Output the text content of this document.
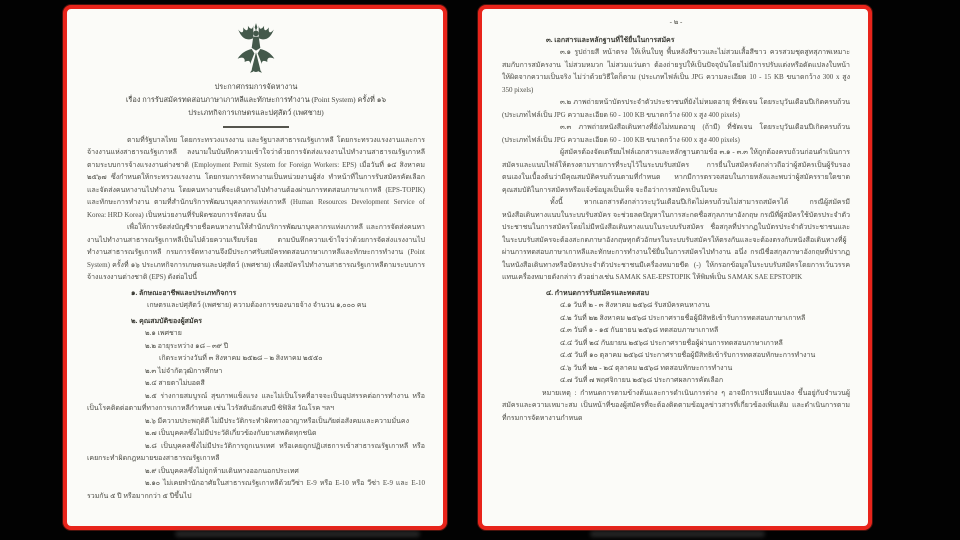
ประกาศกรมการจัดหางาน
เรื่อง การรับสมัครทดสอบภาษาเกาหลีและทักษะการทำงาน (Point System) ครั้งที่ ๑๖
ประเภทกิจการเกษตรและปศุสัตว์ (เพศชาย)

ตามที่รัฐบาลไทย โดยกระทรวงแรงงาน และรัฐบาลสาธารณรัฐเกาหลี โดยกระทรวงแรงงานและการจ้างงานแห่งสาธารณรัฐเกาหลี ลงนามในบันทึกความเข้าใจว่าด้วยการจัดส่งแรงงานไปทำงานสาธารณรัฐเกาหลีตามระบบการจ้างแรงงานต่างชาติ (Employment Permit System for Foreign Workers: EPS) เมื่อวันที่ ๑๔ สิงหาคม ๒๕๖๗ ซึ่งกำหนดให้กระทรวงแรงงาน โดยกรมการจัดหางานเป็นหน่วยงานผู้ส่ง ทำหน้าที่ในการรับสมัครคัดเลือกและจัดส่งคนหางานไปทำงาน โดยคนหางานที่จะเดินทางไปทำงานต้องผ่านการทดสอบภาษาเกาหลี (EPS-TOPIK) และทักษะการทำงาน ตามที่สำนักบริการพัฒนาบุคลากรแห่งเกาหลี (Human Resources Development Service of Korea: HRD Korea) เป็นหน่วยงานที่รับผิดชอบการจัดสอบ นั้น

เพื่อให้การจัดส่งบัญชีรายชื่อคนหางานให้สำนักบริการพัฒนาบุคลากรแห่งเกาหลี และการจัดส่งคนหางานไปทำงานสาธารณรัฐเกาหลีเป็นไปด้วยความเรียบร้อย ตามบันทึกความเข้าใจว่าด้วยการจัดส่งแรงงานไปทำงานสาธารณรัฐเกาหลี กรมการจัดหางานจึงมีประกาศรับสมัครทดสอบภาษาเกาหลีและทักษะการทำงาน (Point System) ครั้งที่ ๑๖ ประเภทกิจการเกษตรและปศุสัตว์ (เพศชาย) เพื่อสมัครไปทำงานสาธารณรัฐเกาหลีตามระบบการจ้างแรงงานต่างชาติ (EPS) ดังต่อไปนี้

๑. ลักษณะอาชีพและประเภทกิจการ
เกษตรและปศุสัตว์ (เพศชาย) ความต้องการของนายจ้าง จำนวน ๑,๐๐๐ คน
๒. คุณสมบัติของผู้สมัคร
๒.๑ เพศชาย
๒.๒ อายุระหว่าง ๑๘ – ๓๙ ปี
เกิดระหว่างวันที่ ๓ สิงหาคม ๒๕๒๘ – ๒ สิงหาคม ๒๕๕๐
๒.๓ ไม่จำกัดวุฒิการศึกษา
๒.๔ สายตาไม่บอดสี
๒.๕ ร่างกายสมบูรณ์ สุขภาพแข็งแรง และไม่เป็นโรคที่อาจจะเป็นอุปสรรคต่อการทำงาน หรือเป็นโรคติดต่อตามที่ทางการเกาหลีกำหนด เช่น ไวรัสตับอักเสบบี ซิฟิลิส วัณโรค ฯลฯ
๒.๖ มีความประพฤติดี ไม่มีประวัติกระทำผิดทางอาญาหรือเป็นภัยต่อสังคมและความมั่นคง
๒.๗ เป็นบุคคลซึ่งไม่มีประวัติเกี่ยวข้องกับยาเสพติดทุกชนิด
๒.๘ เป็นบุคคลซึ่งไม่มีประวัติการถูกเนรเทศ หรือเคยถูกปฏิเสธการเข้าสาธารณรัฐเกาหลี หรือเคยกระทำผิดกฎหมายของสาธารณรัฐเกาหลี
๒.๙ เป็นบุคคลซึ่งไม่ถูกห้ามเดินทางออกนอกประเทศ
๒.๑๐ ไม่เคยพำนักอาศัยในสาธารณรัฐเกาหลีด้วยวีซ่า E-9 หรือ E-10 หรือ วีซ่า E-9 และ E-10 รวมกัน ๕ ปี หรือมากกว่า ๕ ปีขึ้นไป
- ๒ -
๓. เอกสารและหลักฐานที่ใช้ยื่นในการสมัคร
๓.๑ รูปถ่ายสี หน้าตรง ให้เห็นใบหู พื้นหลังสีขาวและไม่สวมเสื้อสีขาว ควรสวมชุดสูทสุภาพเหมาะสมกับการสมัครงาน ไม่สวมหมวก ไม่สวมแว่นตา ต้องถ่ายรูปให้เป็นปัจจุบันโดยไม่มีการปรับแต่งหรือดัดแปลงใบหน้าให้ผิดจากความเป็นจริง ไม่ว่าด้วยวิธีใดก็ตาม (ประเภทไฟล์เป็น JPG ความละเอียด 10 - 15 KB ขนาดกว้าง 300 x สูง 350 pixels)
๓.๒ ภาพถ่ายหน้าบัตรประจำตัวประชาชนที่ยังไม่หมดอายุ ที่ชัดเจน โดยระบุวันเดือนปีเกิดครบถ้วน (ประเภทไฟล์เป็น JPG ความละเอียด 60 - 100 KB ขนาดกว้าง 600 x สูง 400 pixels)
๓.๓ ภาพถ่ายหนังสือเดินทางที่ยังไม่หมดอายุ (ถ้ามี) ที่ชัดเจน โดยระบุวันเดือนปีเกิดครบถ้วน (ประเภทไฟล์เป็น JPG ความละเอียด 60 - 100 KB ขนาดกว้าง 600 x สูง 400 pixels)

ผู้สมัครต้องจัดเตรียมไฟล์เอกสารและหลักฐานตามข้อ ๓.๑ - ๓.๓ ให้ถูกต้องครบถ้วนก่อนดำเนินการสมัครและแนบไฟล์ให้ตรงตามรายการที่ระบุไว้ในระบบรับสมัคร การยื่นใบสมัครดังกล่าวถือว่าผู้สมัครเป็นผู้รับรองตนเองในเบื้องต้นว่ามีคุณสมบัติครบถ้วนตามที่กำหนด หากมีการตรวจสอบในภายหลังและพบว่าผู้สมัครรายใดขาดคุณสมบัติในการสมัครหรือแจ้งข้อมูลเป็นเท็จ จะถือว่าการสมัครเป็นโมฆะ

ทั้งนี้ หากเอกสารดังกล่าวระบุวันเดือนปีเกิดไม่ครบถ้วนไม่สามารถสมัครได้ กรณีผู้สมัครมีหนังสือเดินทางแนบในระบบรับสมัคร จะช่วยลดปัญหาในการสะกดชื่อสกุลภาษาอังกฤษ กรณีที่ผู้สมัครใช้บัตรประจำตัวประชาชนในการสมัครโดยไม่มีหนังสือเดินทางแนบในระบบรับสมัคร ชื่อสกุลที่ปรากฏในบัตรประจำตัวประชาชนและในระบบรับสมัครจะต้องสะกดภาษาอังกฤษทุกตัวอักษรในระบบรับสมัครให้ตรงกันและจะต้องตรงกับหนังสือเดินทางที่ผู้ผ่านการทดสอบภาษาเกาหลีและทักษะการทำงานใช้ยื่นในการสมัครไปทำงาน อนึ่ง กรณีชื่อสกุลภาษาอังกฤษที่ปรากฏในหนังสือเดินทางหรือบัตรประจำตัวประชาชนมีเครื่องหมายขีด (-) ให้กรอกข้อมูลในระบบรับสมัครโดยการเว้นวรรคแทนเครื่องหมายดังกล่าว ตัวอย่างเช่น SAMAK SAE-EPSTOPIK ให้พิมพ์เป็น SAMAK SAE EPSTOPIK

๔. กำหนดการรับสมัครและทดสอบ
๔.๑ วันที่ ๒ - ๓ สิงหาคม ๒๕๖๘ รับสมัครคนหางาน
๔.๒ วันที่ ๒๒ สิงหาคม ๒๕๖๘ ประกาศรายชื่อผู้มีสิทธิเข้ารับการทดสอบภาษาเกาหลี
๔.๓ วันที่ ๑ - ๑๕ กันยายน ๒๕๖๘ ทดสอบภาษาเกาหลี
๔.๔ วันที่ ๒๔ กันยายน ๒๕๖๘ ประกาศรายชื่อผู้ผ่านการทดสอบภาษาเกาหลี
๔.๕ วันที่ ๑๐ ตุลาคม ๒๕๖๘ ประกาศรายชื่อผู้มีสิทธิเข้ารับการทดสอบทักษะการทำงาน
๔.๖ วันที่ ๒๒ - ๒๔ ตุลาคม ๒๕๖๘ ทดสอบทักษะการทำงาน
๔.๗ วันที่ ๗ พฤศจิกายน ๒๕๖๘ ประกาศผลการคัดเลือก

หมายเหตุ : กำหนดการตามข้างต้นและการดำเนินการต่าง ๆ อาจมีการเปลี่ยนแปลง ขึ้นอยู่กับจำนวนผู้สมัครและความเหมาะสม เป็นหน้าที่ของผู้สมัครที่จะต้องติดตามข้อมูลข่าวสารที่เกี่ยวข้องเพิ่มเติม และดำเนินการตามที่กรมการจัดหางานกำหนด
